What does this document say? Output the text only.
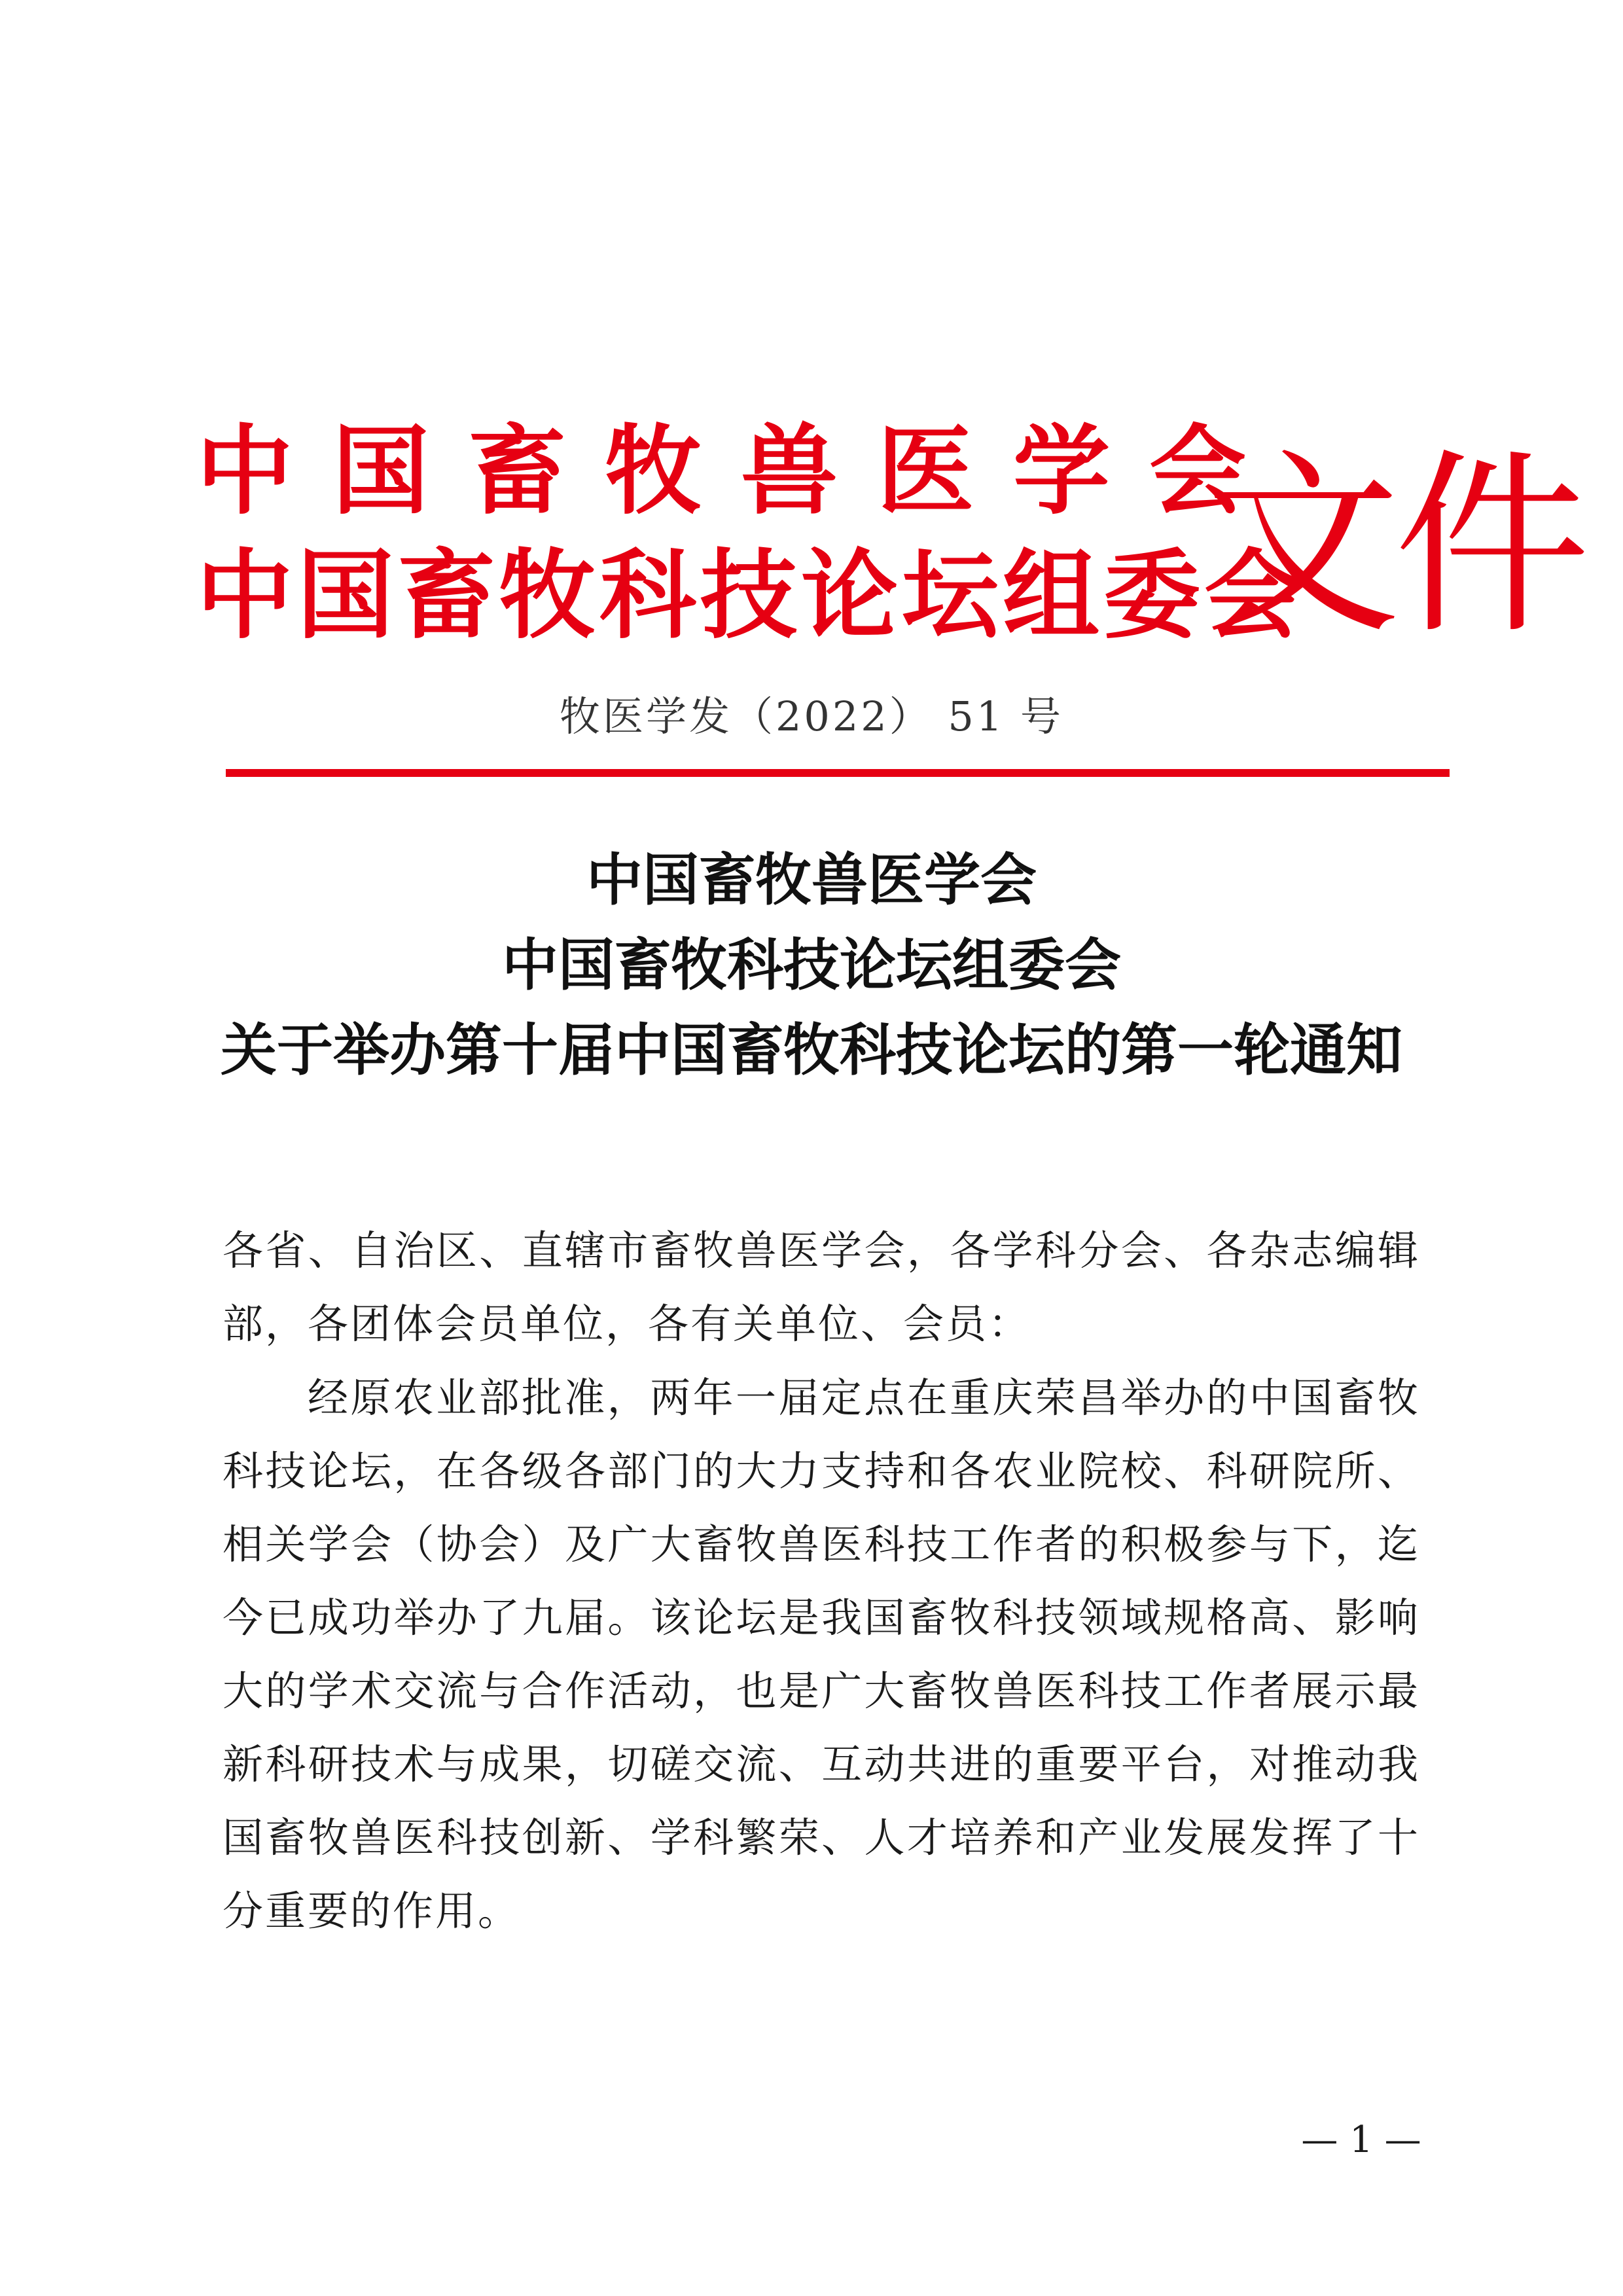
中国畜牧兽医学会
中国畜牧科技论坛组委会
文件
牧医学发（2022） 51 号
中国畜牧兽医学会
中国畜牧科技论坛组委会
关于举办第十届中国畜牧科技论坛的第一轮通知
各省、自治区、直辖市畜牧兽医学会，各学科分会、各杂志编辑部，各团体会员单位，各有关单位、会员：
经原农业部批准，两年一届定点在重庆荣昌举办的中国畜牧科技论坛，在各级各部门的大力支持和各农业院校、科研院所、相关学会（协会）及广大畜牧兽医科技工作者的积极参与下，迄今已成功举办了九届。该论坛是我国畜牧科技领域规格高、影响大的学术交流与合作活动，也是广大畜牧兽医科技工作者展示最新科研技术与成果，切磋交流、互动共进的重要平台，对推动我国畜牧兽医科技创新、学科繁荣、人才培养和产业发展发挥了十分重要的作用。
— 1 —
